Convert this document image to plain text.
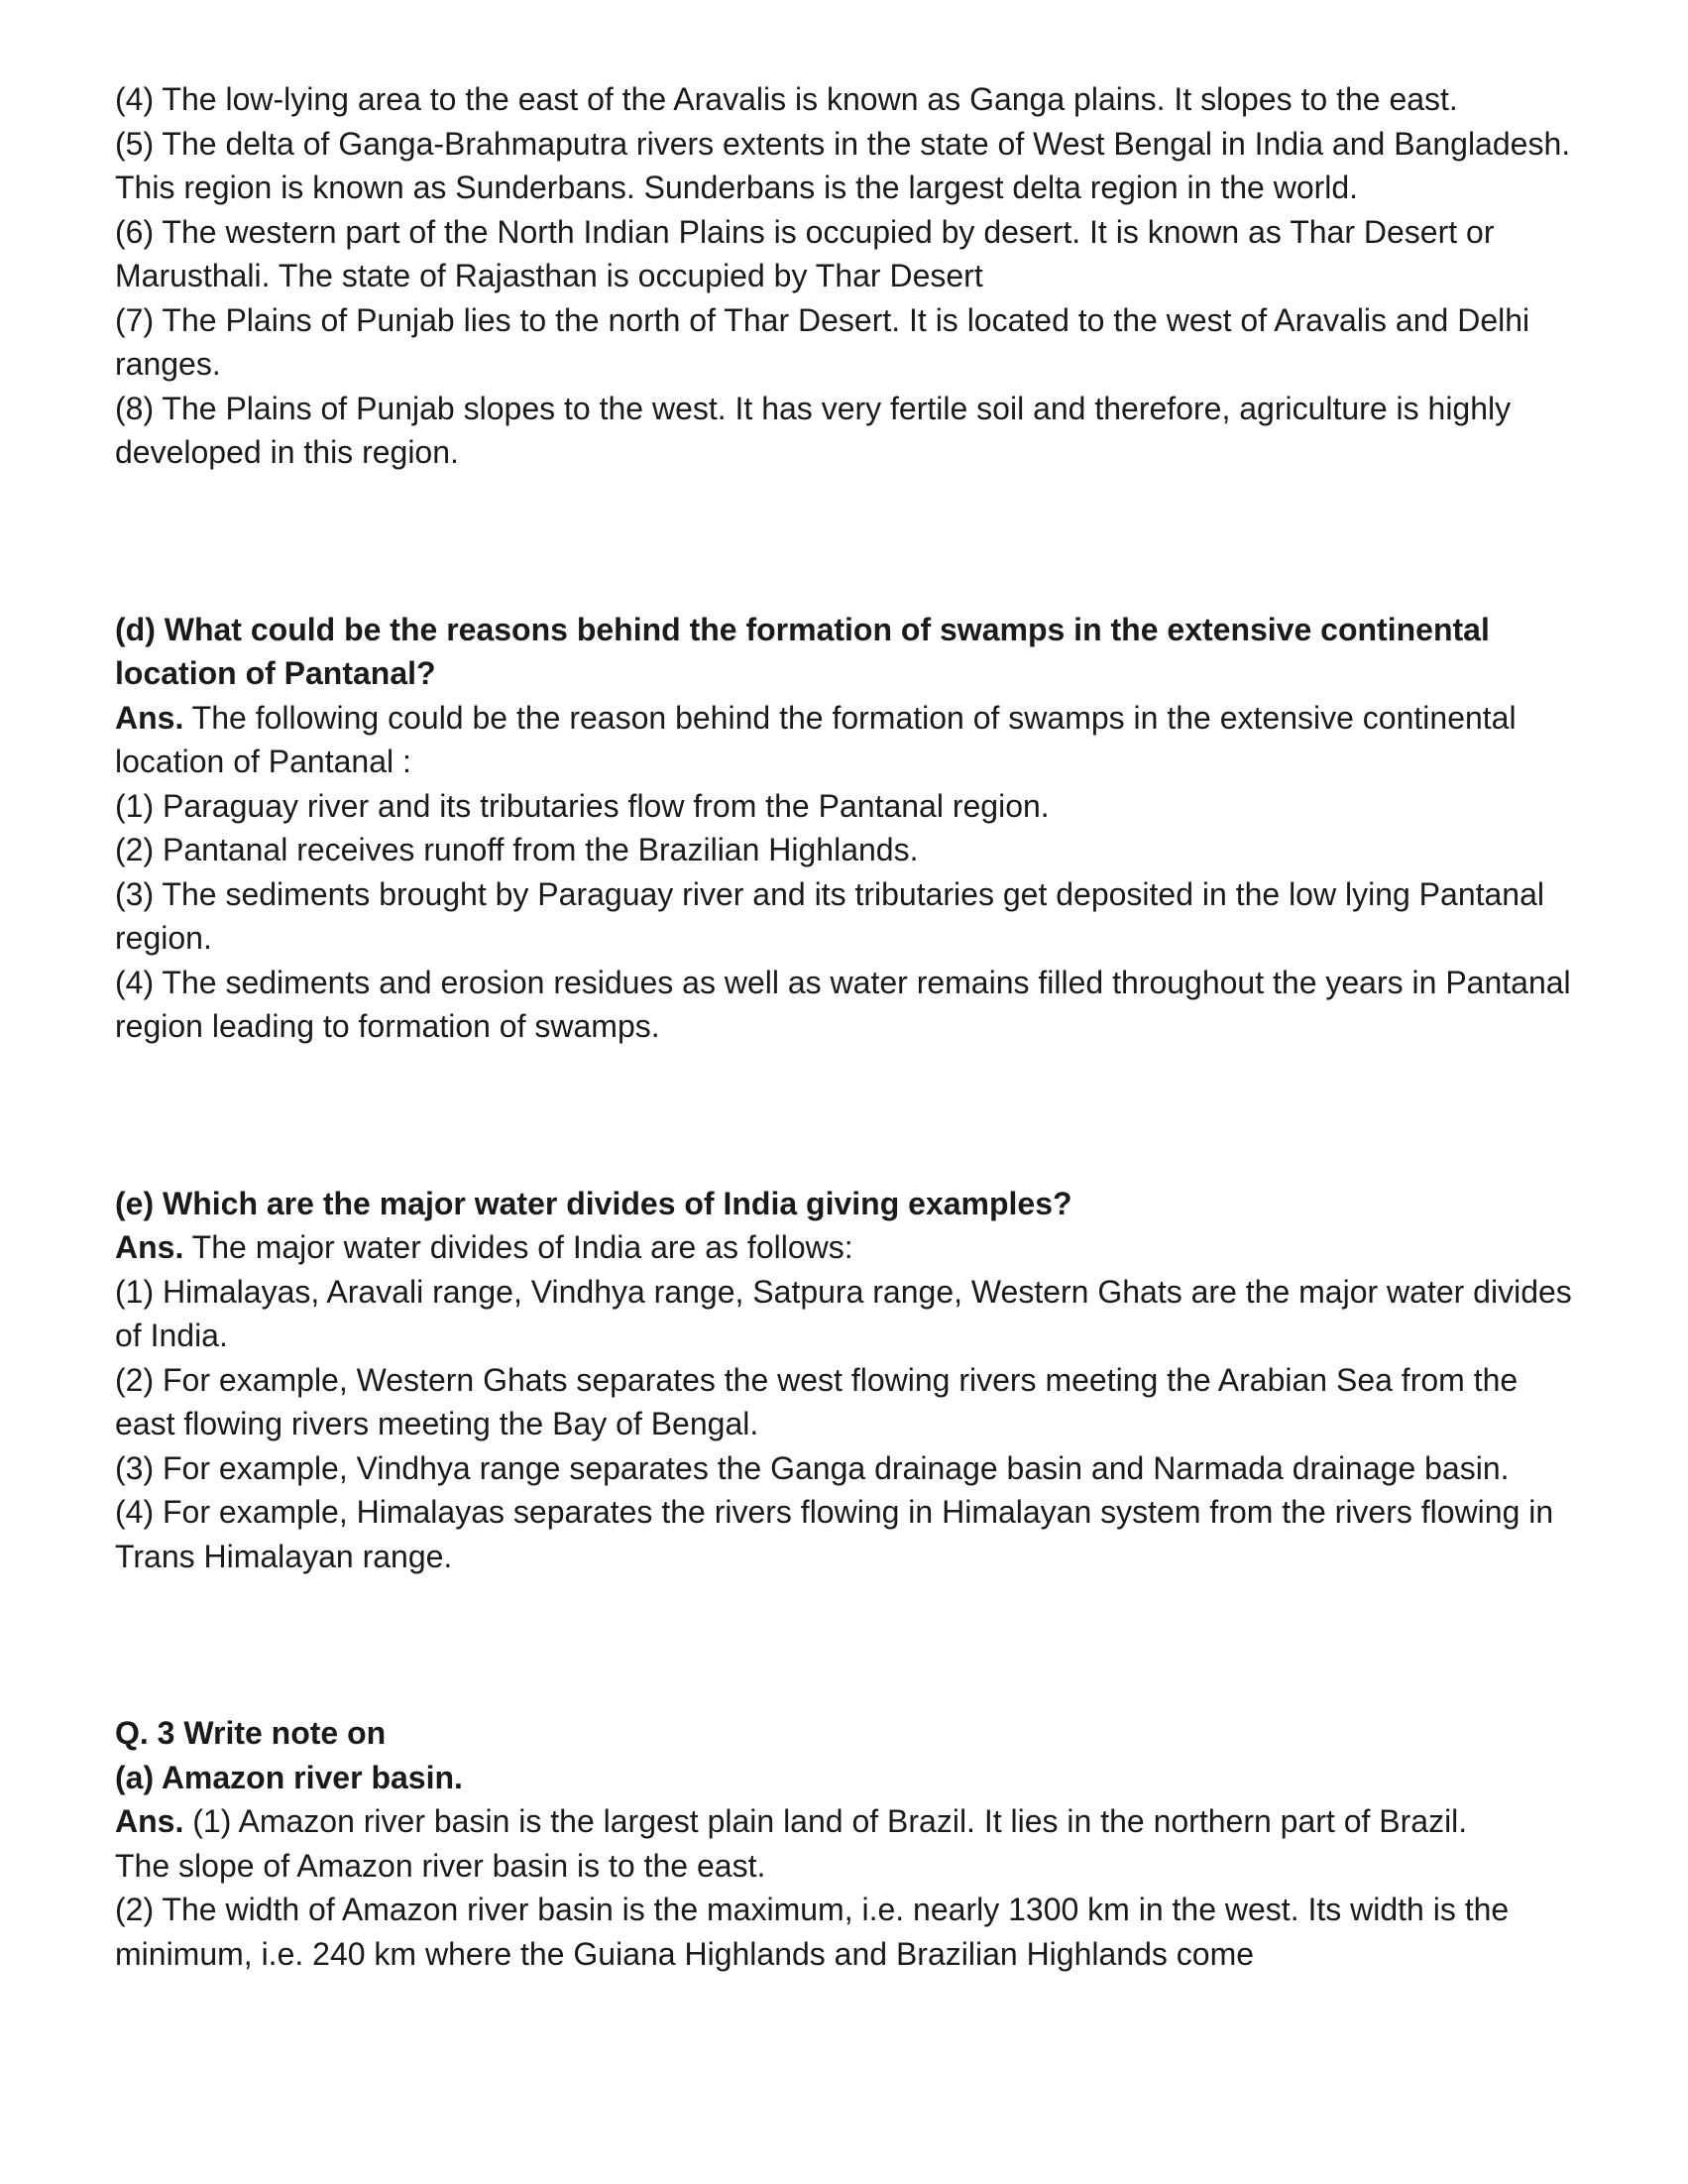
(4) The low-lying area to the east of the Aravalis is known as Ganga plains. It slopes to the east.
(5) The delta of Ganga-Brahmaputra rivers extents in the state of West Bengal in India and Bangladesh. This region is known as Sunderbans. Sunderbans is the largest delta region in the world.
(6) The western part of the North Indian Plains is occupied by desert. It is known as Thar Desert or Marusthali. The state of Rajasthan is occupied by Thar Desert
(7) The Plains of Punjab lies to the north of Thar Desert. It is located to the west of Aravalis and Delhi ranges.
(8) The Plains of Punjab slopes to the west. It has very fertile soil and therefore, agriculture is highly developed in this region.
(d) What could be the reasons behind the formation of swamps in the extensive continental location of Pantanal?
Ans. The following could be the reason behind the formation of swamps in the extensive continental location of Pantanal :
(1) Paraguay river and its tributaries flow from the Pantanal region.
(2) Pantanal receives runoff from the Brazilian Highlands.
(3) The sediments brought by Paraguay river and its tributaries get deposited in the low lying Pantanal region.
(4) The sediments and erosion residues as well as water remains filled throughout the years in Pantanal region leading to formation of swamps.
(e) Which are the major water divides of India giving examples?
Ans. The major water divides of India are as follows:
(1) Himalayas, Aravali range, Vindhya range, Satpura range, Western Ghats are the major water divides of India.
(2) For example, Western Ghats separates the west flowing rivers meeting the Arabian Sea from the east flowing rivers meeting the Bay of Bengal.
(3) For example, Vindhya range separates the Ganga drainage basin and Narmada drainage basin.
(4) For example, Himalayas separates the rivers flowing in Himalayan system from the rivers flowing in Trans Himalayan range.
Q. 3 Write note on
(a) Amazon river basin.
Ans. (1) Amazon river basin is the largest plain land of Brazil. It lies in the northern part of Brazil.
The slope of Amazon river basin is to the east.
(2) The width of Amazon river basin is the maximum, i.e. nearly 1300 km in the west. Its width is the minimum, i.e. 240 km where the Guiana Highlands and Brazilian Highlands come
